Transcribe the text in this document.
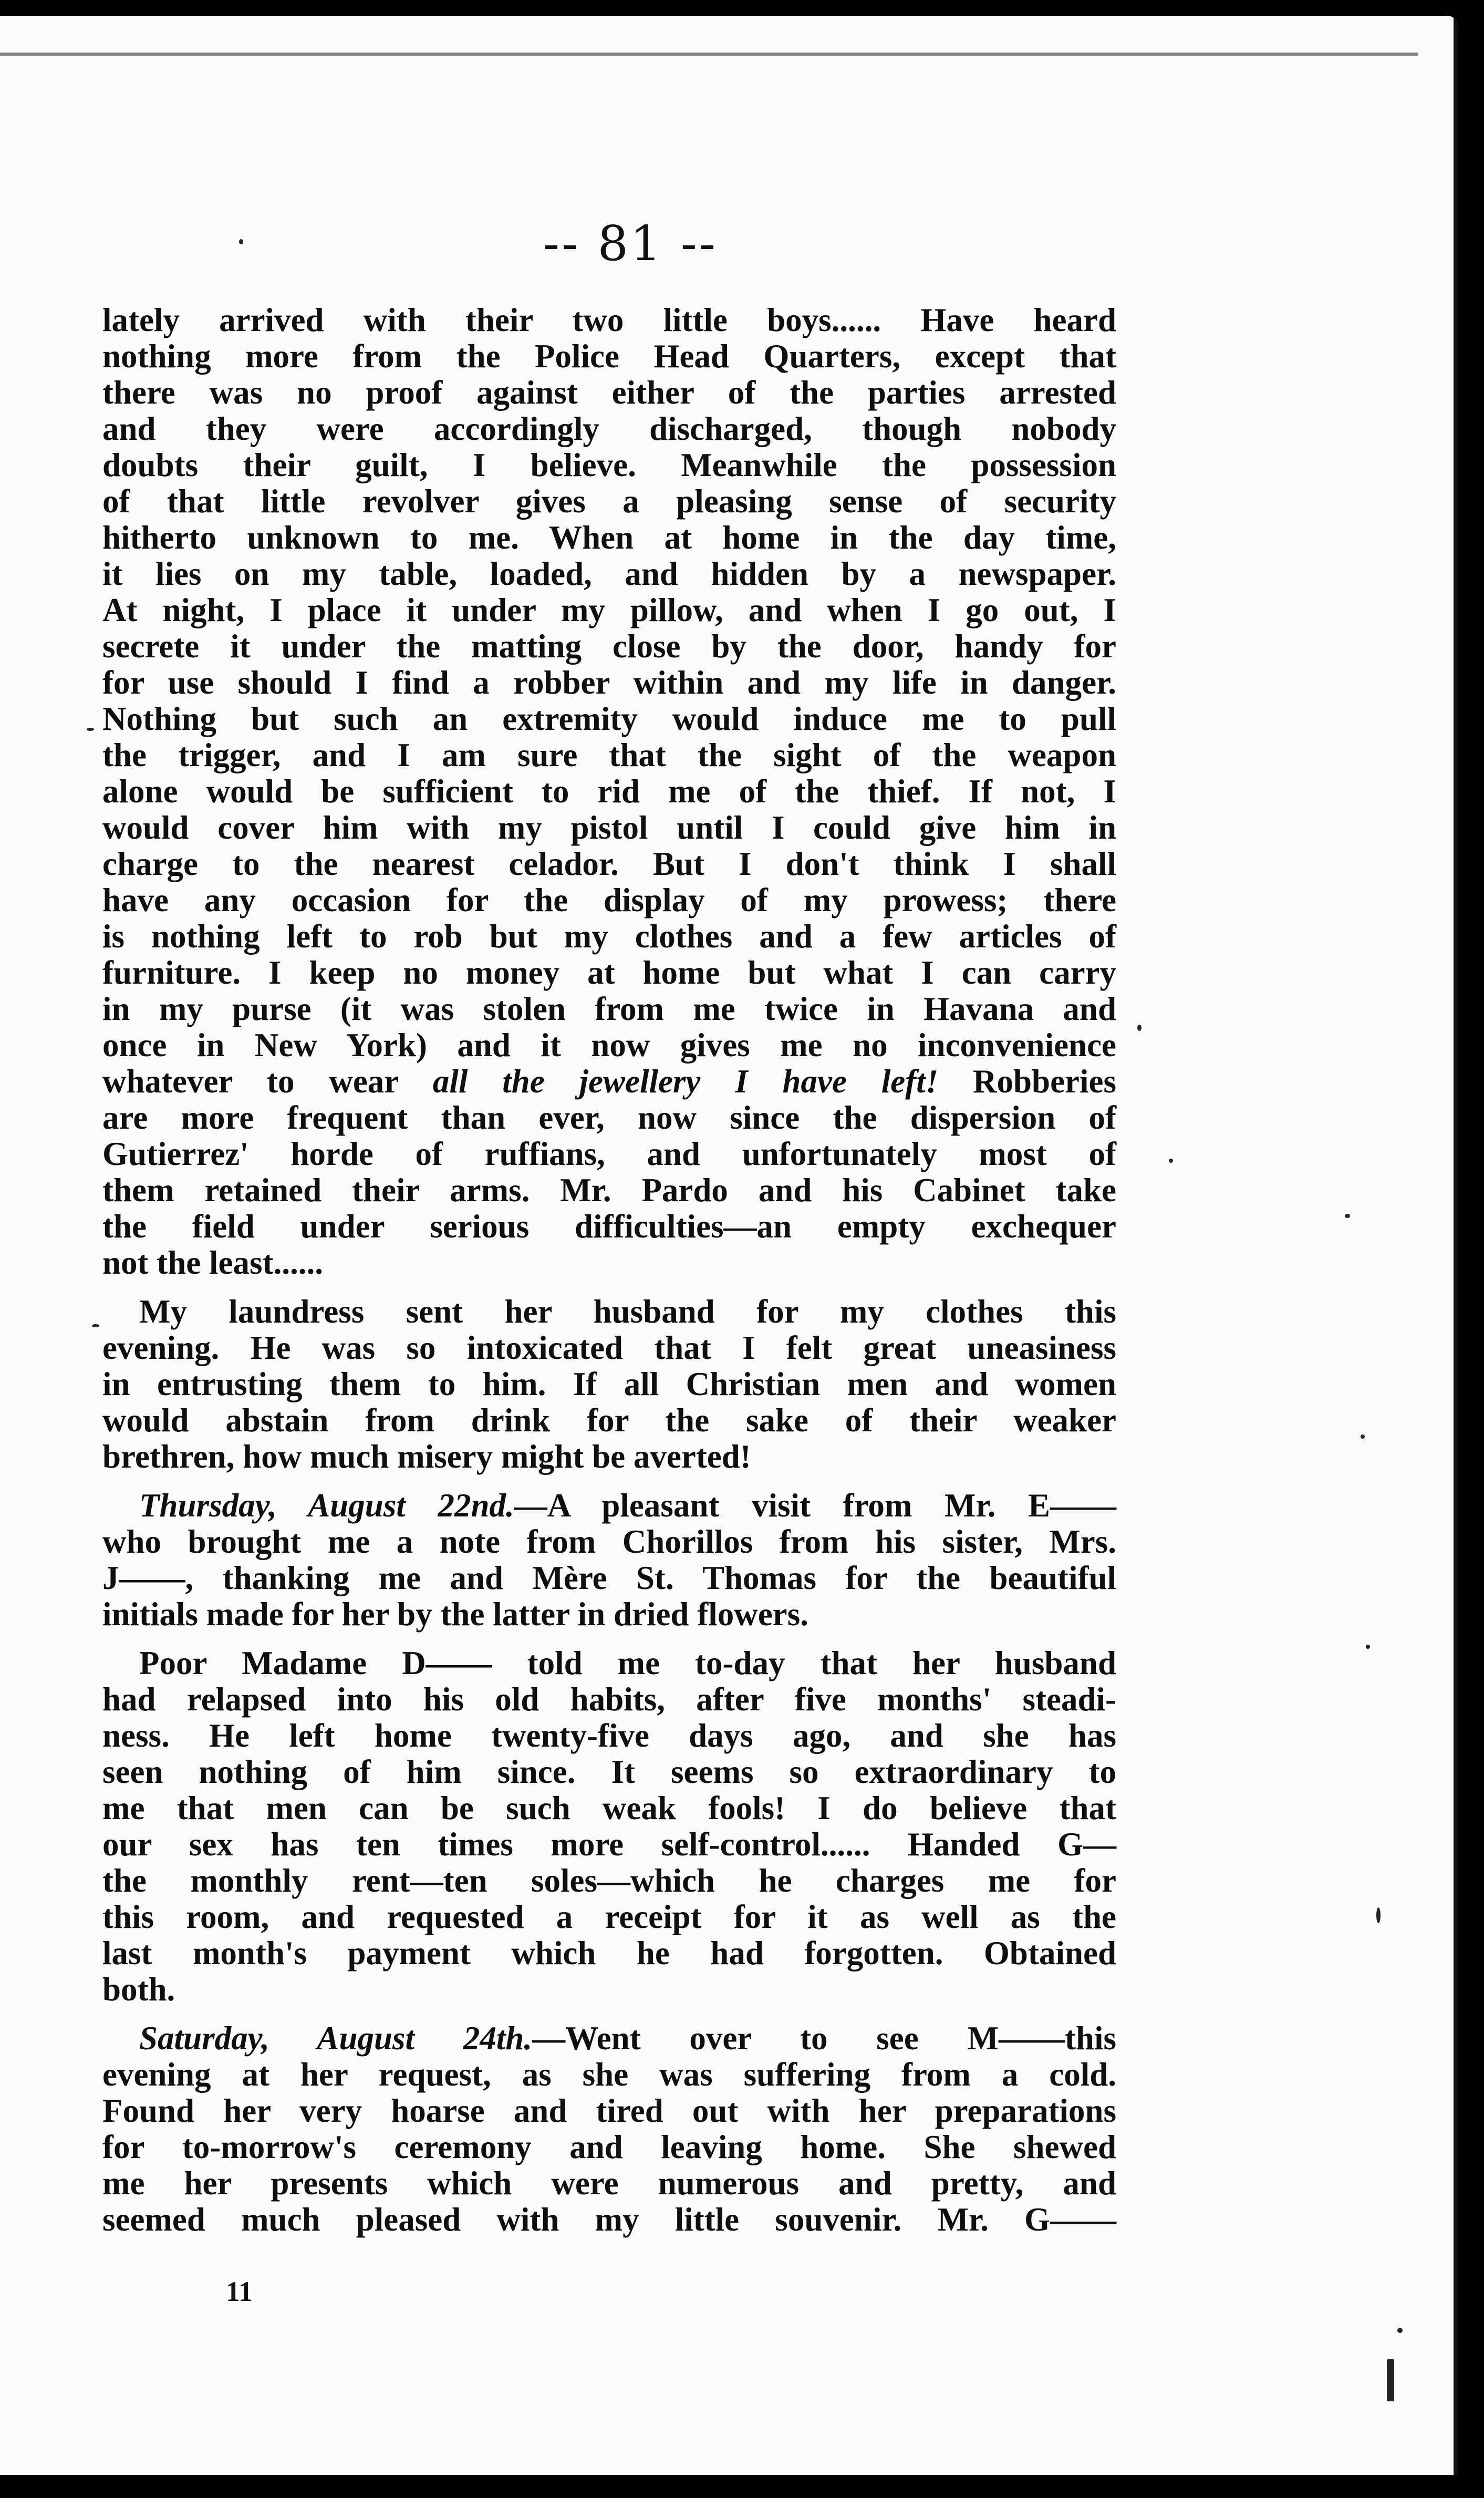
-- 81 --

lately arrived with their two little boys...... Have heard
nothing more from the Police Head Quarters, except that
there was no proof against either of the parties arrested
and they were accordingly discharged, though nobody
doubts their guilt, I believe. Meanwhile the possession
of that little revolver gives a pleasing sense of security
hitherto unknown to me. When at home in the day time,
it lies on my table, loaded, and hidden by a newspaper.
At night, I place it under my pillow, and when I go out, I
secrete it under the matting close by the door, handy for
for use should I find a robber within and my life in danger.
Nothing but such an extremity would induce me to pull
the trigger, and I am sure that the sight of the weapon
alone would be sufficient to rid me of the thief. If not, I
would cover him with my pistol until I could give him in
charge to the nearest celador. But I don't think I shall
have any occasion for the display of my prowess; there
is nothing left to rob but my clothes and a few articles of
furniture. I keep no money at home but what I can carry
in my purse (it was stolen from me twice in Havana and
once in New York) and it now gives me no inconvenience
whatever to wear all the jewellery I have left! Robberies
are more frequent than ever, now since the dispersion of
Gutierrez' horde of ruffians, and unfortunately most of
them retained their arms. Mr. Pardo and his Cabinet take
the field under serious difficulties—an empty exchequer
not the least......

My laundress sent her husband for my clothes this
evening. He was so intoxicated that I felt great uneasiness
in entrusting them to him. If all Christian men and women
would abstain from drink for the sake of their weaker
brethren, how much misery might be averted!

Thursday, August 22nd.—A pleasant visit from Mr. E——
who brought me a note from Chorillos from his sister, Mrs.
J——, thanking me and Mère St. Thomas for the beautiful
initials made for her by the latter in dried flowers.

Poor Madame D—— told me to-day that her husband
had relapsed into his old habits, after five months' steadi-
ness. He left home twenty-five days ago, and she has
seen nothing of him since. It seems so extraordinary to
me that men can be such weak fools! I do believe that
our sex has ten times more self-control...... Handed G—
the monthly rent—ten soles—which he charges me for
this room, and requested a receipt for it as well as the
last month's payment which he had forgotten. Obtained
both.

Saturday, August 24th.—Went over to see M——this
evening at her request, as she was suffering from a cold.
Found her very hoarse and tired out with her preparations
for to-morrow's ceremony and leaving home. She shewed
me her presents which were numerous and pretty, and
seemed much pleased with my little souvenir. Mr. G——

11
